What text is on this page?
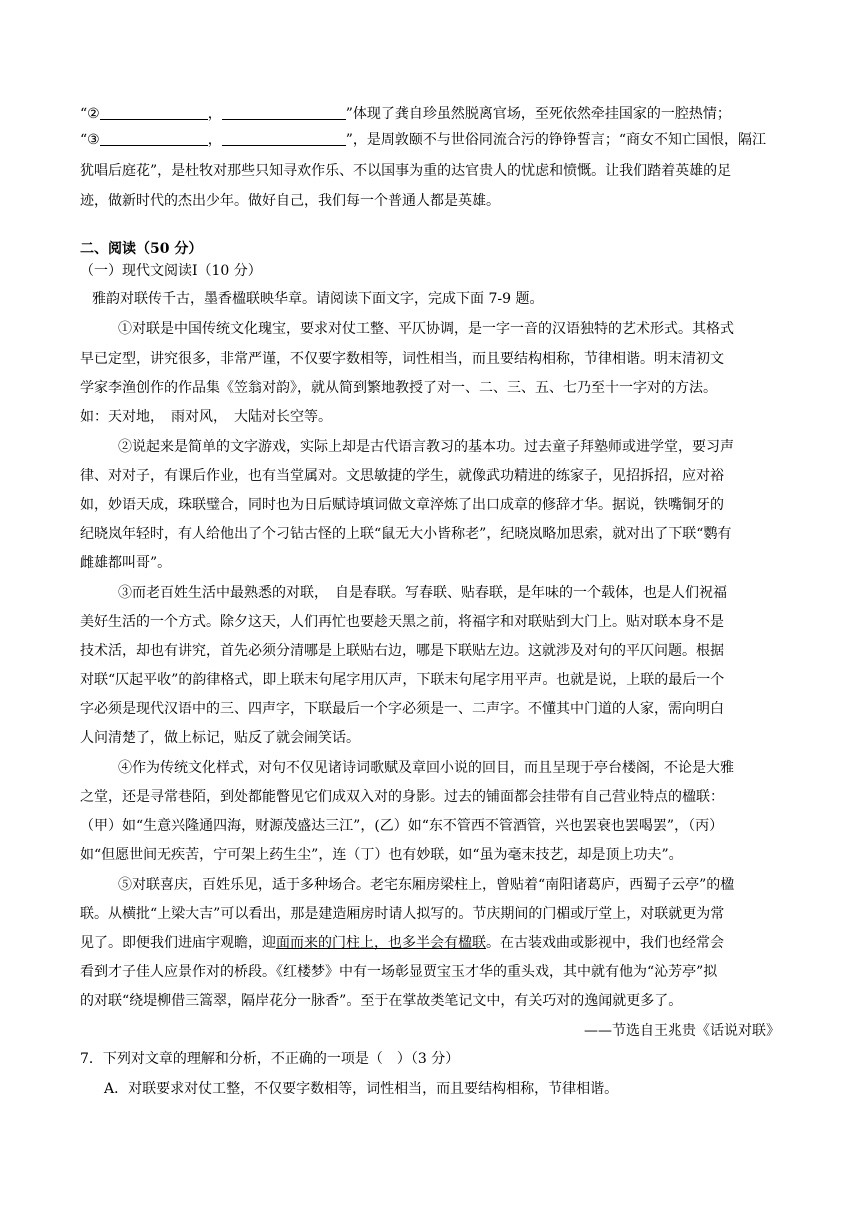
“②	，	”体现了龚自珍虽然脱离官场，至死依然牵挂国家的一腔热情；
“③	，	”，是周敦颐不与世俗同流合污的铮铮誓言；“商女不知亡国恨，隔江
犹唱后庭花”，是杜牧对那些只知寻欢作乐、不以国事为重的达官贵人的忧虑和愤慨。让我们踏着英雄的足
迹，做新时代的杰出少年。做好自己，我们每一个普通人都是英雄。
二、阅读（50 分）
（一）现代文阅读Ⅰ（10 分）
雅韵对联传千古，墨香楹联映华章。请阅读下面文字，完成下面 7-9 题。
①对联是中国传统文化瑰宝，要求对仗工整、平仄协调，是一字一音的汉语独特的艺术形式。其格式
早已定型，讲究很多，非常严谨，不仅要字数相等，词性相当，而且要结构相称，节律相谐。明末清初文
学家李渔创作的作品集《笠翁对韵》，就从简到繁地教授了对一、二、三、五、七乃至十一字对的方法。
如：天对地，　雨对风，　大陆对长空等。
②说起来是简单的文字游戏，实际上却是古代语言教习的基本功。过去童子拜塾师或进学堂，要习声
律、对对子，有课后作业，也有当堂属对。文思敏捷的学生，就像武功精进的练家子，见招拆招，应对裕
如，妙语天成，珠联璧合，同时也为日后赋诗填词做文章淬炼了出口成章的修辞才华。据说，铁嘴铜牙的
纪晓岚年轻时，有人给他出了个刁钻古怪的上联“鼠无大小皆称老”，纪晓岚略加思索，就对出了下联“鹦有
雌雄都叫哥”。
③而老百姓生活中最熟悉的对联，　自是春联。写春联、贴春联，是年味的一个载体，也是人们祝福
美好生活的一个方式。除夕这天，人们再忙也要趁天黑之前，将福字和对联贴到大门上。贴对联本身不是
技术活，却也有讲究，首先必须分清哪是上联贴右边，哪是下联贴左边。这就涉及对句的平仄问题。根据
对联“仄起平收”的韵律格式，即上联末句尾字用仄声，下联末句尾字用平声。也就是说，上联的最后一个
字必须是现代汉语中的三、四声字，下联最后一个字必须是一、二声字。不懂其中门道的人家，需向明白
人问清楚了，做上标记，贴反了就会闹笑话。
④作为传统文化样式，对句不仅见诸诗词歌赋及章回小说的回目，而且呈现于亭台楼阁，不论是大雅
之堂，还是寻常巷陌，到处都能瞥见它们成双入对的身影。过去的铺面都会挂带有自己营业特点的楹联：
（甲）如“生意兴隆通四海，财源茂盛达三江”，(乙）如“东不管西不管酒管，兴也罢衰也罢喝罢”，（丙）
如“但愿世间无疾苦，宁可架上药生尘”，连（丁）也有妙联，如“虽为毫末技艺，却是顶上功夫”。
⑤对联喜庆，百姓乐见，适于多种场合。老宅东厢房梁柱上，曾贴着“南阳诸葛庐，西蜀子云亭”的楹
联。从横批“上梁大吉”可以看出，那是建造厢房时请人拟写的。节庆期间的门楣或厅堂上，对联就更为常
见了。即便我们进庙宇观瞻，迎面而来的门柱上，也多半会有楹联。在古装戏曲或影视中，我们也经常会
看到才子佳人应景作对的桥段。《红楼梦》中有一场彰显贾宝玉才华的重头戏，其中就有他为“沁芳亭”拟
的对联“绕堤柳借三篙翠，隔岸花分一脉香”。至于在掌故类笔记文中，有关巧对的逸闻就更多了。
——节选自王兆贵《话说对联》
7．下列对文章的理解和分析，不正确的一项是（　）（3 分）
A．对联要求对仗工整，不仅要字数相等，词性相当，而且要结构相称，节律相谐。
